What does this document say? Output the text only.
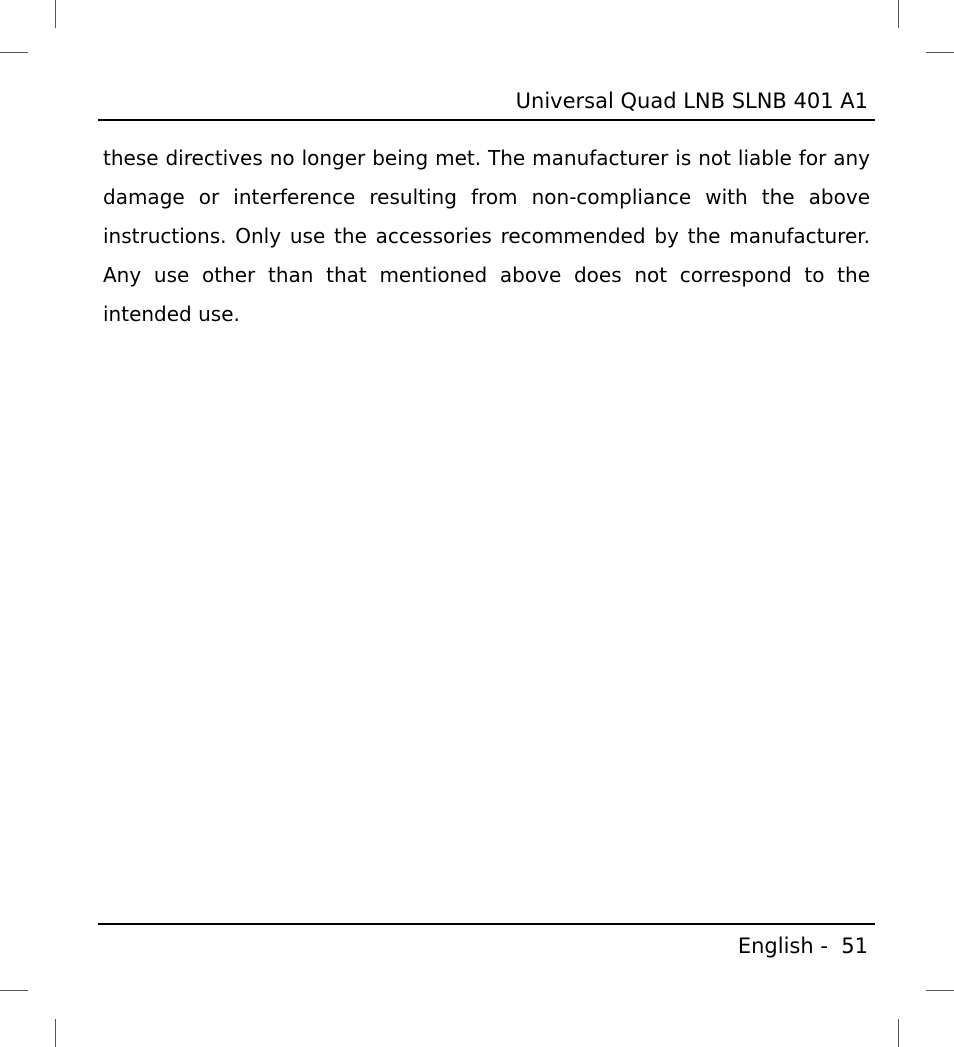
Universal Quad LNB SLNB 401 A1

these directives no longer being met. The manufacturer is not liable for any damage or interference resulting from non-compliance with the above instructions. Only use the accessories recommended by the manufacturer. Any use other than that mentioned above does not correspond to the intended use.

English -  51
